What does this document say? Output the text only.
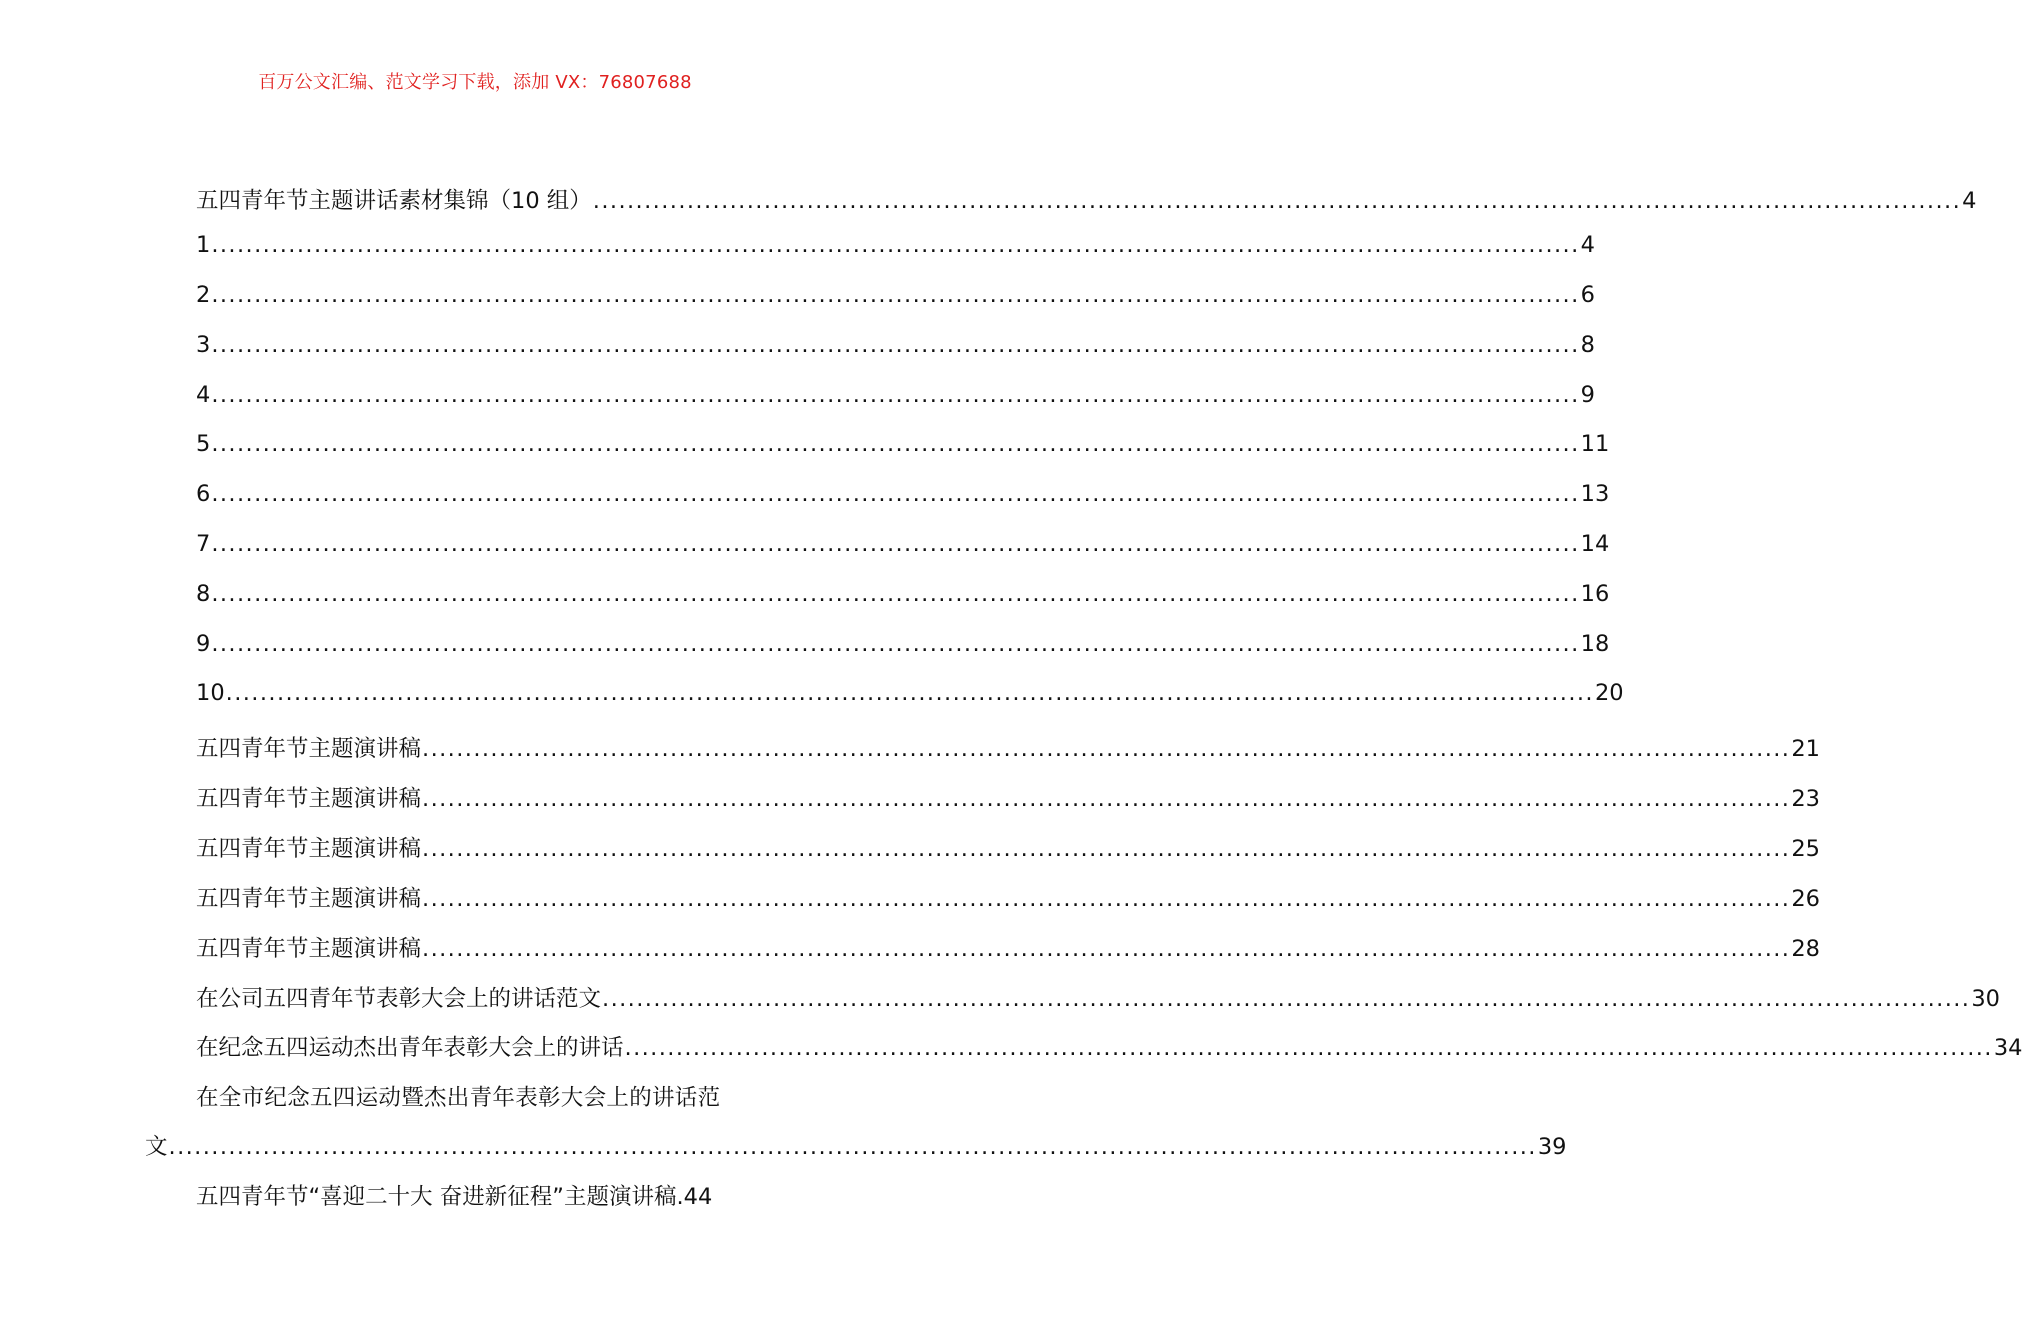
百万公文汇编、范文学习下载，添加 VX：76807688
五四青年节主题讲话素材集锦（10 组） ................................................................................................................................................................ 4
1 ................................................................................................................................................................ 4
2 ................................................................................................................................................................ 6
3 ................................................................................................................................................................ 8
4 ................................................................................................................................................................ 9
5 ................................................................................................................................................................ 11
6 ................................................................................................................................................................ 13
7 ................................................................................................................................................................ 14
8 ................................................................................................................................................................ 16
9 ................................................................................................................................................................ 18
10 ................................................................................................................................................................ 20
五四青年节主题演讲稿 ................................................................................................................................................................ 21
五四青年节主题演讲稿 ................................................................................................................................................................ 23
五四青年节主题演讲稿 ................................................................................................................................................................ 25
五四青年节主题演讲稿 ................................................................................................................................................................ 26
五四青年节主题演讲稿 ................................................................................................................................................................ 28
在公司五四青年节表彰大会上的讲话范文 ................................................................................................................................................................ 30
在纪念五四运动杰出青年表彰大会上的讲话 ................................................................................................................................................................ 34
在全市纪念五四运动暨杰出青年表彰大会上的讲话范
文 ................................................................................................................................................................ 39
五四青年节“喜迎二十大 奋进新征程”主题演讲稿. 44
